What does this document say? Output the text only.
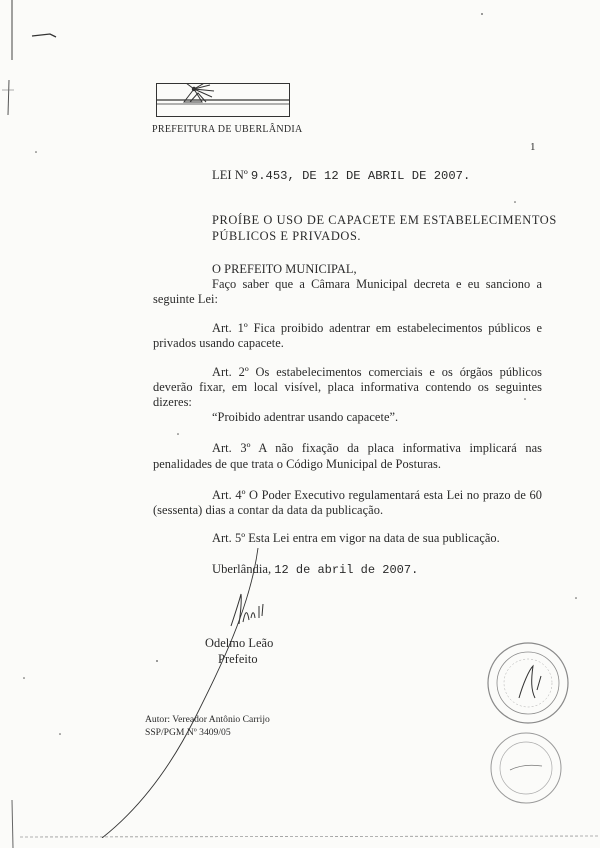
PREFEITURA DE UBERLÂNDIA
1
LEI Nº 9.453, DE 12 DE ABRIL DE 2007.
PROÍBE O USO DE CAPACETE EM ESTABELECIMENTOS
PÚBLICOS E PRIVADOS.
O PREFEITO MUNICIPAL,
Faço saber que a Câmara Municipal decreta e eu sanciono a
seguinte Lei:
Art. 1º Fica proibido adentrar em estabelecimentos públicos e
privados usando capacete.
Art. 2º Os estabelecimentos comerciais e os órgãos públicos
deverão fixar, em local visível, placa informativa contendo os seguintes
dizeres:
“Proibido adentrar usando capacete”.
Art. 3º A não fixação da placa informativa implicará nas
penalidades de que trata o Código Municipal de Posturas.
Art. 4º O Poder Executivo regulamentará esta Lei no prazo de 60
(sessenta) dias a contar da data da publicação.
Art. 5º Esta Lei entra em vigor na data de sua publicação.
Uberlândia, 12 de abril de 2007.
Odelmo Leão
Prefeito
Autor: Vereador Antônio Carrijo
SSP/PGM Nº 3409/05
